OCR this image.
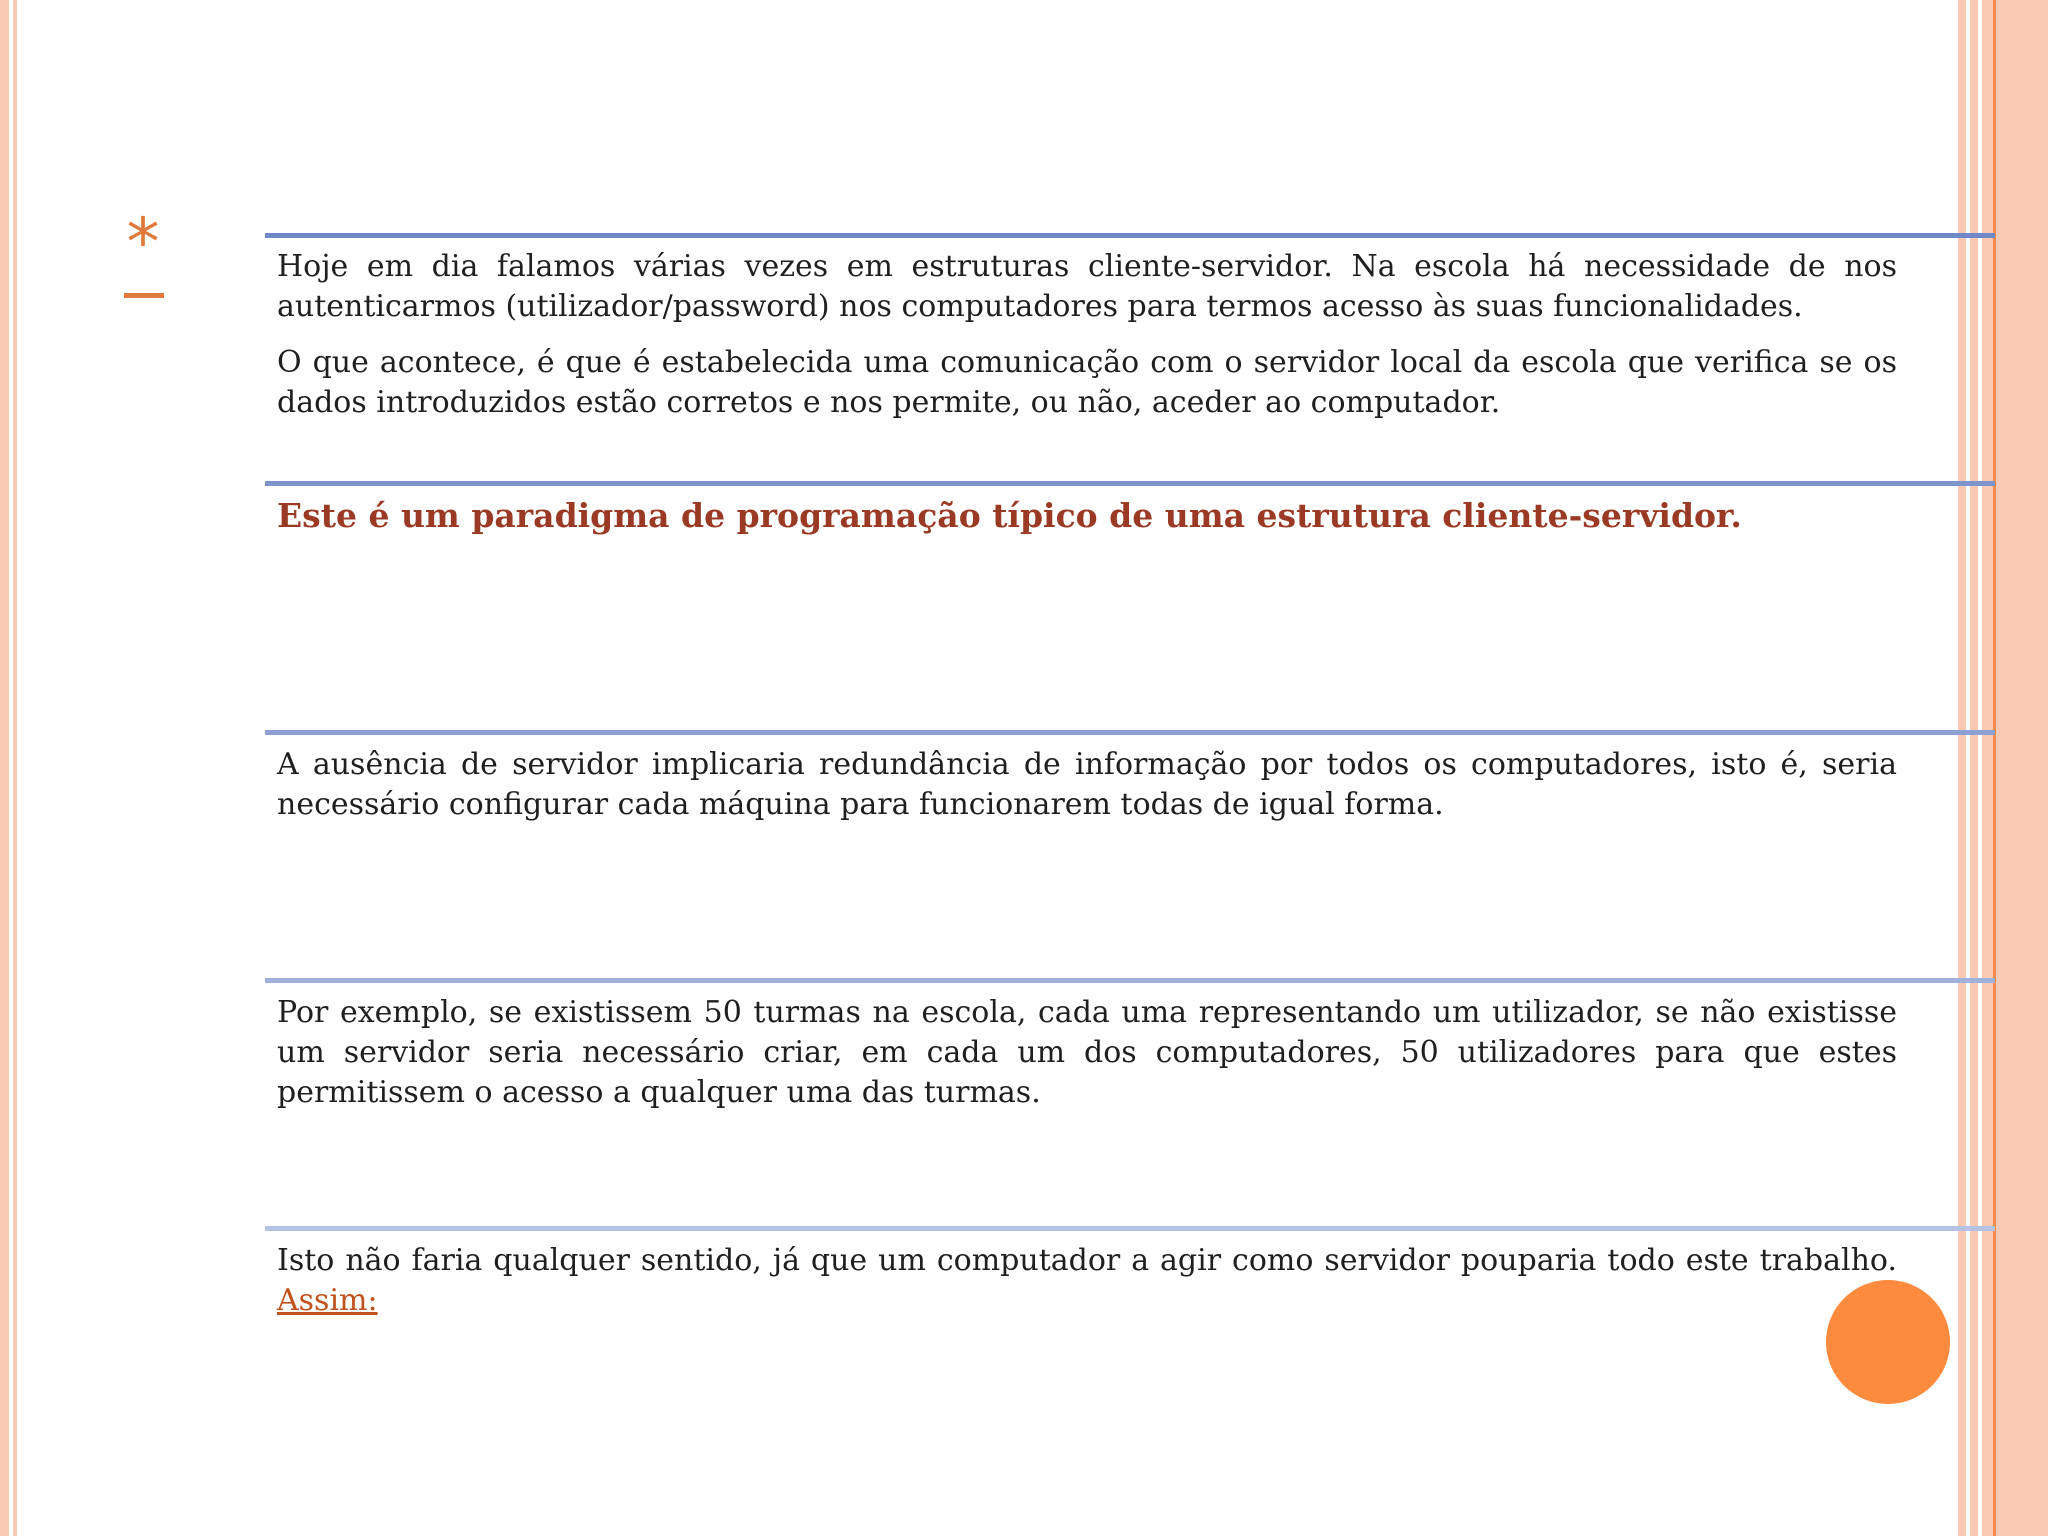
*	Hoje em dia falamos várias vezes em estruturas cliente-servidor. Na escola há necessidade de nos autenticarmos (utilizador/password) nos computadores para termos acesso às suas funcionalidades.
O que acontece, é que é estabelecida uma comunicação com o servidor local da escola que verifica se os dados introduzidos estão corretos e nos permite, ou não, aceder ao computador.
Este é um paradigma de programação típico de uma estrutura cliente-servidor.
A ausência de servidor implicaria redundância de informação por todos os computadores, isto é, seria necessário configurar cada máquina para funcionarem todas de igual forma.
Por exemplo, se existissem 50 turmas na escola, cada uma representando um utilizador, se não existisse um servidor seria necessário criar, em cada um dos computadores, 50 utilizadores para que estes permitissem o acesso a qualquer uma das turmas.
Isto não faria qualquer sentido, já que um computador a agir como servidor pouparia todo este trabalho. Assim:
